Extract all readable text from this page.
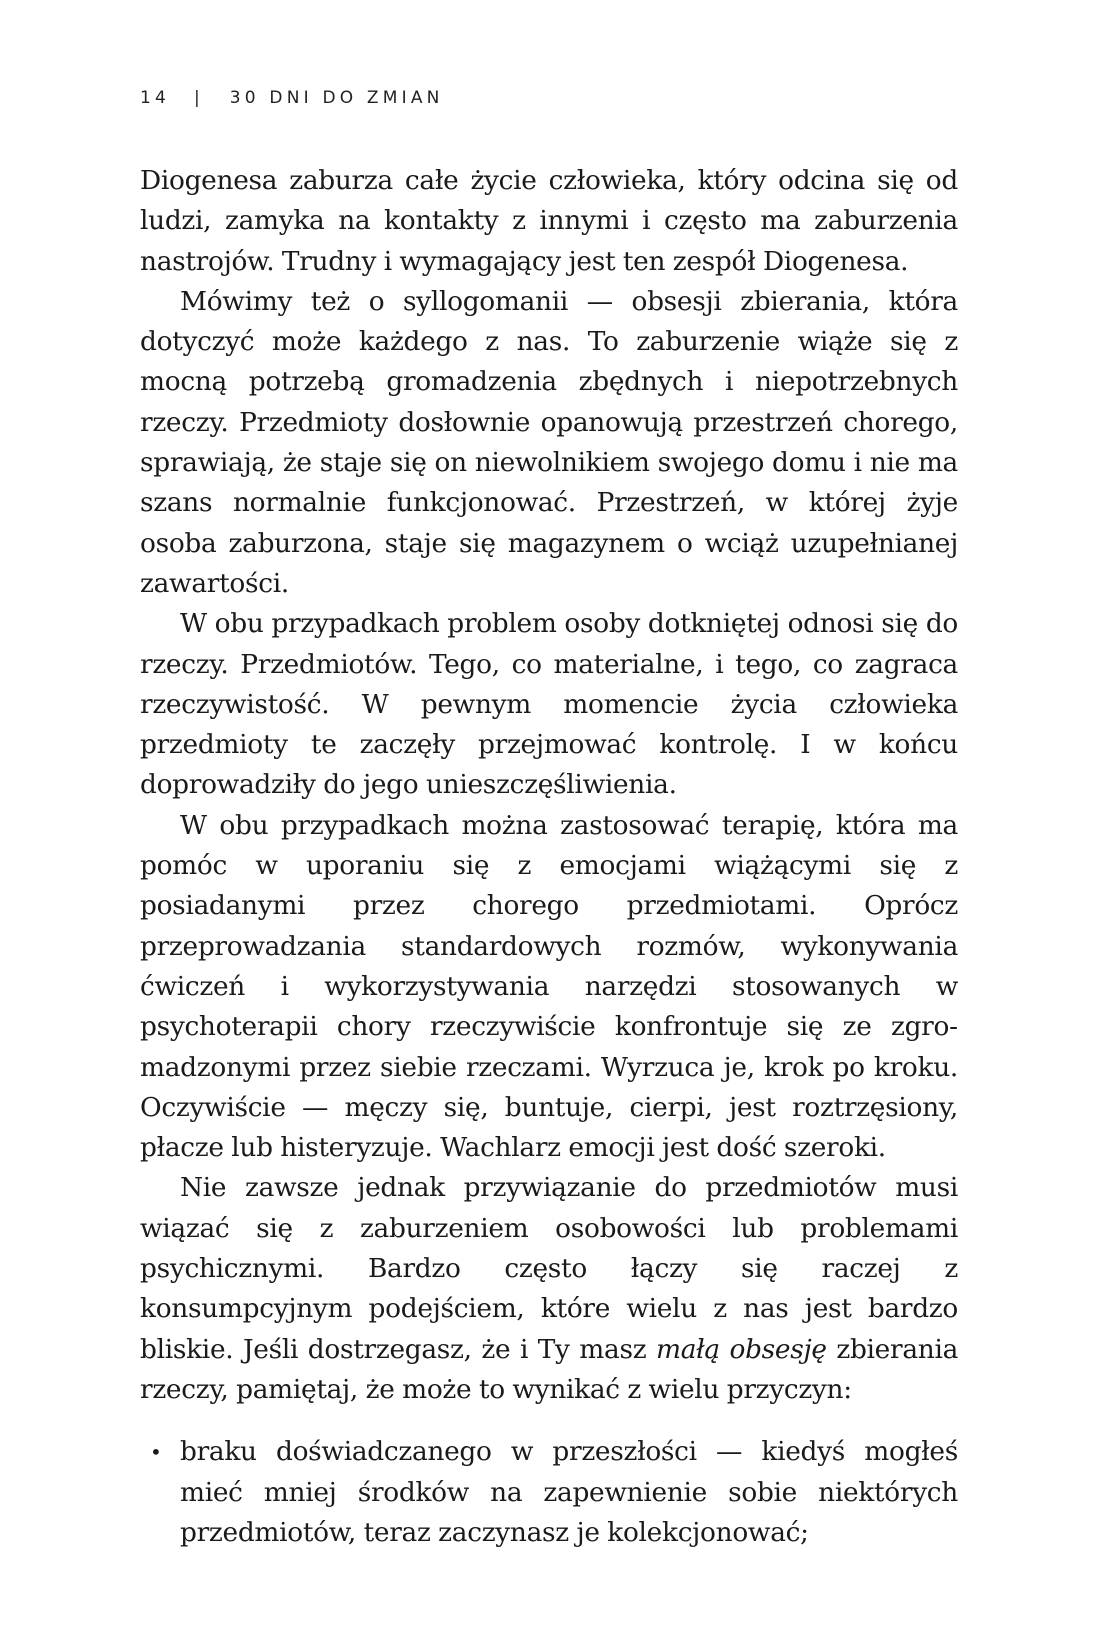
14 | 30 DNI DO ZMIAN

Diogenesa zaburza całe życie człowieka, który odcina się od ludzi, zamyka na kontakty z innymi i często ma zaburzenia nastrojów. Trudny i wymagający jest ten zespół Diogenesa.

Mówimy też o syllogomanii — obsesji zbierania, która dotyczyć może każdego z nas. To zaburzenie wiąże się z mocną potrzebą gromadzenia zbędnych i niepotrzebnych rzeczy. Przedmioty dosłownie opanowują przestrzeń chorego, sprawiają, że staje się on niewolnikiem swojego domu i nie ma szans normalnie funkcjonować. Przestrzeń, w której żyje osoba zaburzona, staje się magazynem o wciąż uzupełnianej zawartości.

W obu przypadkach problem osoby dotkniętej odnosi się do rzeczy. Przedmiotów. Tego, co materialne, i tego, co zagraca rzeczywistość. W pewnym momencie życia człowieka przedmioty te zaczęły przejmować kontrolę. I w końcu doprowadziły do jego unieszczęśliwienia.

W obu przypadkach można zastosować terapię, która ma pomóc w uporaniu się z emocjami wiążącymi się z posiadanymi przez chorego przedmiotami. Oprócz przeprowadzania standardowych rozmów, wykonywania ćwiczeń i wykorzystywania narzędzi stosowanych w psychoterapii chory rzeczywiście konfrontuje się ze zgromadzonymi przez siebie rzeczami. Wyrzuca je, krok po kroku. Oczywiście — męczy się, buntuje, cierpi, jest roztrzęsiony, płacze lub histeryzuje. Wachlarz emocji jest dość szeroki.

Nie zawsze jednak przywiązanie do przedmiotów musi wiązać się z zaburzeniem osobowości lub problemami psychicznymi. Bardzo często łączy się raczej z konsumpcyjnym podejściem, które wielu z nas jest bardzo bliskie. Jeśli dostrzegasz, że i Ty masz małą obsesję zbierania rzeczy, pamiętaj, że może to wynikać z wielu przyczyn:

• braku doświadczanego w przeszłości — kiedyś mogłeś mieć mniej środków na zapewnienie sobie niektórych przedmiotów, teraz zaczynasz je kolekcjonować;
